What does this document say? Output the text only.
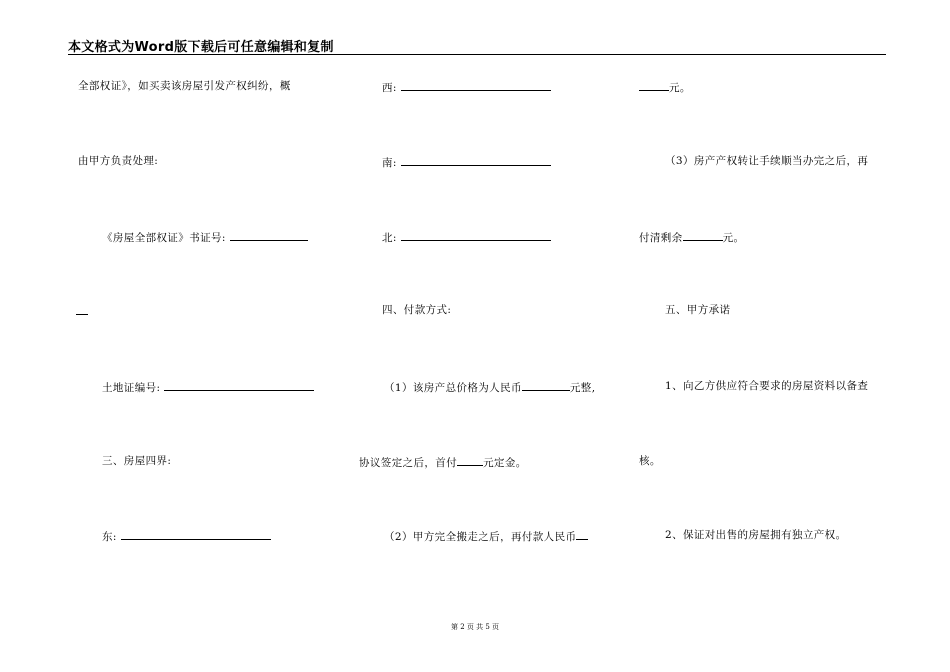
本文格式为Word版下载后可任意编辑和复制
全部权证》，如买卖该房屋引发产权纠纷，概
由甲方负责处理:
《房屋全部权证》书证号:
土地证编号:
三、房屋四界:
东:
西:
南:
北:
四、付款方式:
（1）该房产总价格为人民币	元整,
协议签定之后，首付 元定金。
（2）甲方完全搬走之后，再付款人民币
元。
（3）房产产权转让手续顺当办完之后，再
付清剩余	元。
五、甲方承诺
1、向乙方供应符合要求的房屋资料以备查
核。
2、保证对出售的房屋拥有独立产权。
第 2 页 共 5 页
